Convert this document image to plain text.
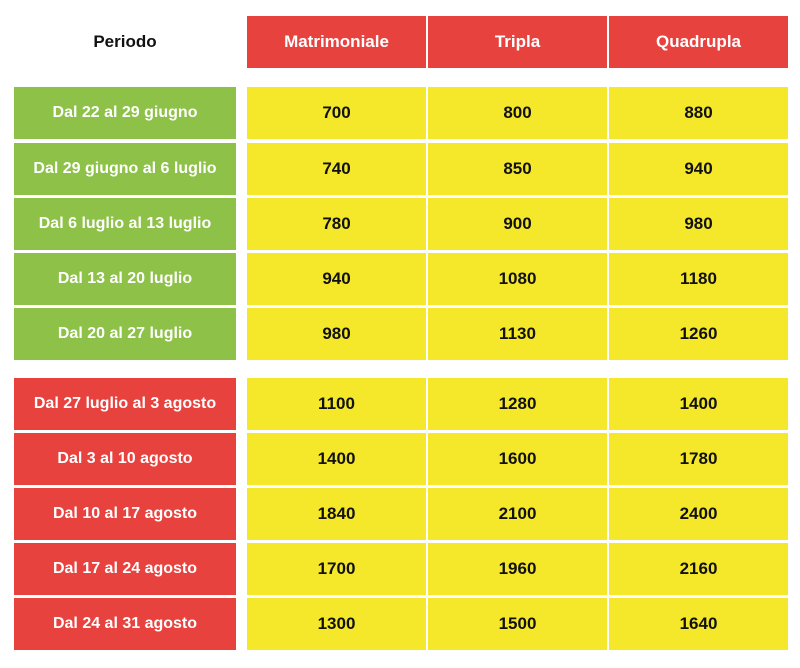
Periodo	Matrimoniale	Tripla	Quadrupla
Dal 22 al 29 giugno	700	800	880
Dal 29 giugno al 6 luglio	740	850	940
Dal 6 luglio al 13 luglio	780	900	980
Dal 13 al 20 luglio	940	1080	1180
Dal 20 al 27 luglio	980	1130	1260
Dal 27 luglio al 3 agosto	1100	1280	1400
Dal 3 al 10 agosto	1400	1600	1780
Dal 10 al 17 agosto	1840	2100	2400
Dal 17 al 24 agosto	1700	1960	2160
Dal 24 al 31 agosto	1300	1500	1640
